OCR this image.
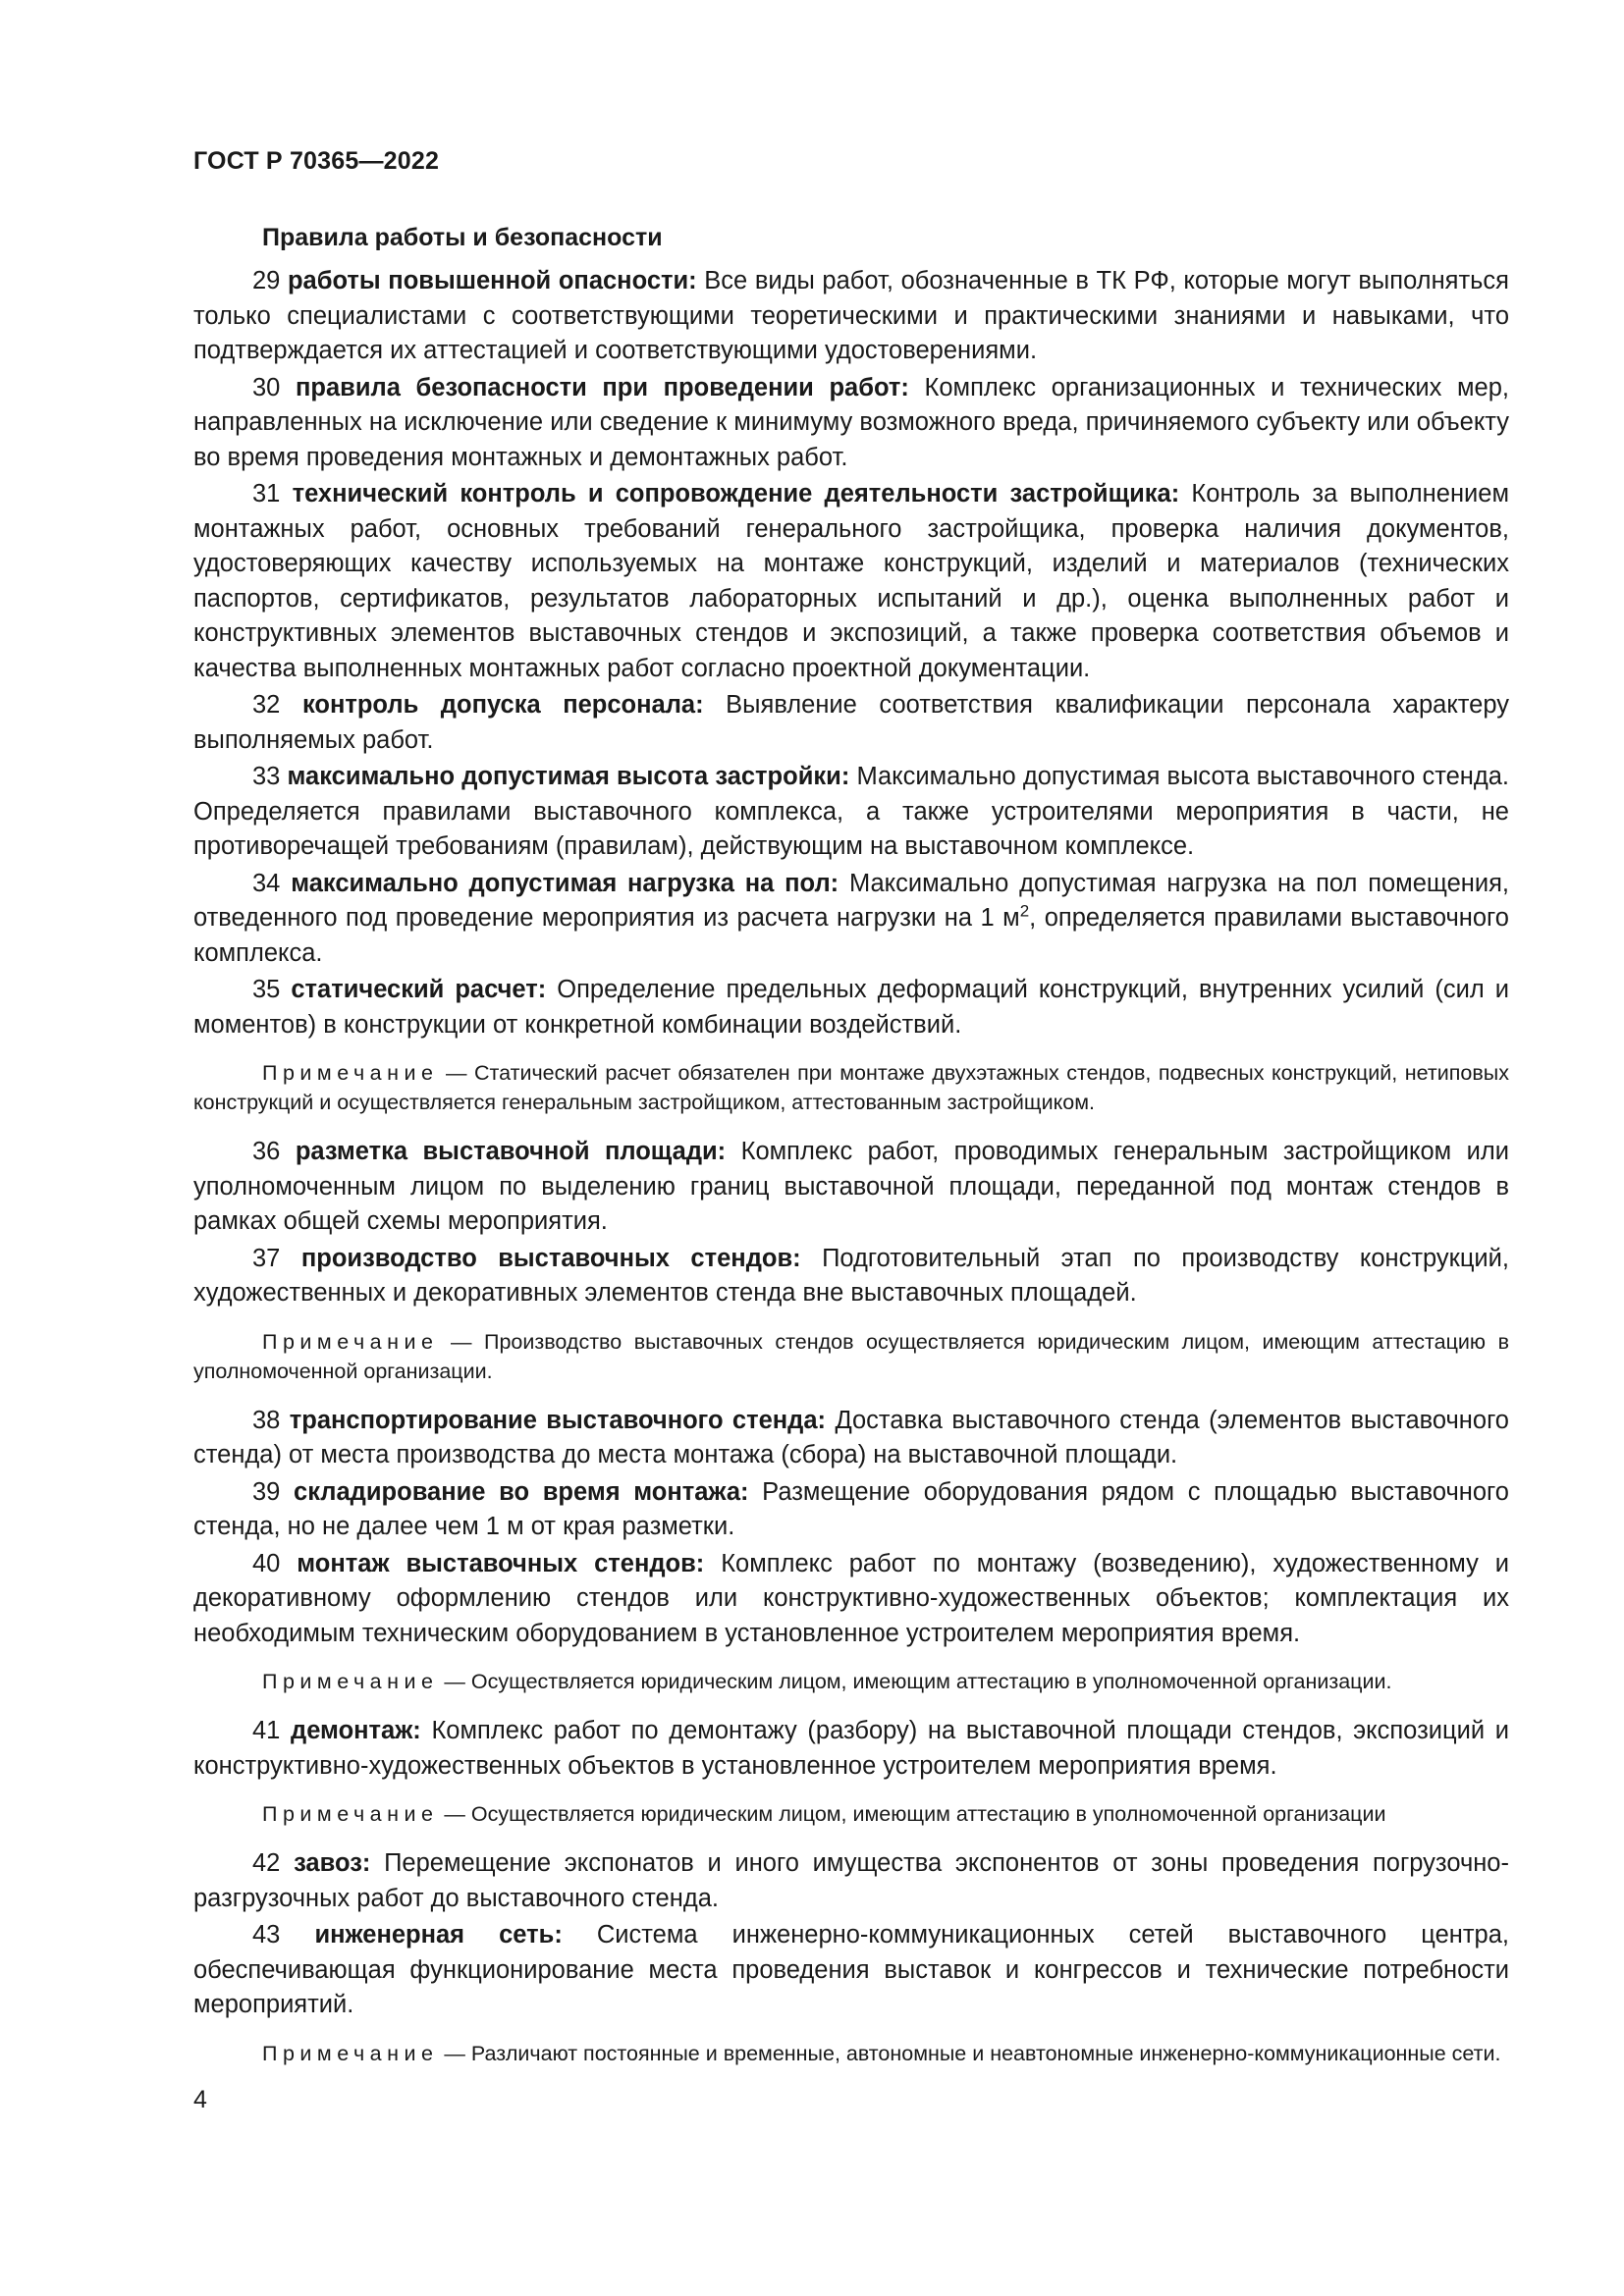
ГОСТ Р 70365—2022
Правила работы и безопасности

29 работы повышенной опасности: Все виды работ, обозначенные в ТК РФ, которые могут выполняться только специалистами с соответствующими теоретическими и практическими знаниями и навыками, что подтверждается их аттестацией и соответствующими удостоверениями.

30 правила безопасности при проведении работ: Комплекс организационных и технических мер, направленных на исключение или сведение к минимуму возможного вреда, причиняемого субъекту или объекту во время проведения монтажных и демонтажных работ.

31 технический контроль и сопровождение деятельности застройщика: Контроль за выполнением монтажных работ, основных требований генерального застройщика, проверка наличия документов, удостоверяющих качеству используемых на монтаже конструкций, изделий и материалов (технических паспортов, сертификатов, результатов лабораторных испытаний и др.), оценка выполненных работ и конструктивных элементов выставочных стендов и экспозиций, а также проверка соответствия объемов и качества выполненных монтажных работ согласно проектной документации.

32 контроль допуска персонала: Выявление соответствия квалификации персонала характеру выполняемых работ.

33 максимально допустимая высота застройки: Максимально допустимая высота выставочного стенда. Определяется правилами выставочного комплекса, а также устроителями мероприятия в части, не противоречащей требованиям (правилам), действующим на выставочном комплексе.

34 максимально допустимая нагрузка на пол: Максимально допустимая нагрузка на пол помещения, отведенного под проведение мероприятия из расчета нагрузки на 1 $м^2$, определяется правилами выставочного комплекса.

35 статический расчет: Определение предельных деформаций конструкций, внутренних усилий (сил и моментов) в конструкции от конкретной комбинации воздействий.

Примечание — Статический расчет обязателен при монтаже двухэтажных стендов, подвесных конструкций, нетиповых конструкций и осуществляется генеральным застройщиком, аттестованным застройщиком.

36 разметка выставочной площади: Комплекс работ, проводимых генеральным застройщиком или уполномоченным лицом по выделению границ выставочной площади, переданной под монтаж стендов в рамках общей схемы мероприятия.

37 производство выставочных стендов: Подготовительный этап по производству конструкций, художественных и декоративных элементов стенда вне выставочных площадей.

Примечание — Производство выставочных стендов осуществляется юридическим лицом, имеющим аттестацию в уполномоченной организации.

38 транспортирование выставочного стенда: Доставка выставочного стенда (элементов выставочного стенда) от места производства до места монтажа (сбора) на выставочной площади.

39 складирование во время монтажа: Размещение оборудования рядом с площадью выставочного стенда, но не далее чем 1 м от края разметки.

40 монтаж выставочных стендов: Комплекс работ по монтажу (возведению), художественному и декоративному оформлению стендов или конструктивно-художественных объектов; комплектация их необходимым техническим оборудованием в установленное устроителем мероприятия время.

Примечание — Осуществляется юридическим лицом, имеющим аттестацию в уполномоченной организации.

41 демонтаж: Комплекс работ по демонтажу (разбору) на выставочной площади стендов, экспозиций и конструктивно-художественных объектов в установленное устроителем мероприятия время.

Примечание — Осуществляется юридическим лицом, имеющим аттестацию в уполномоченной организации

42 завоз: Перемещение экспонатов и иного имущества экспонентов от зоны проведения погрузочно-разгрузочных работ до выставочного стенда.

43 инженерная сеть: Система инженерно-коммуникационных сетей выставочного центра, обеспечивающая функционирование места проведения выставок и конгрессов и технические потребности мероприятий.

Примечание — Различают постоянные и временные, автономные и неавтономные инженерно-коммуникационные сети.

4
